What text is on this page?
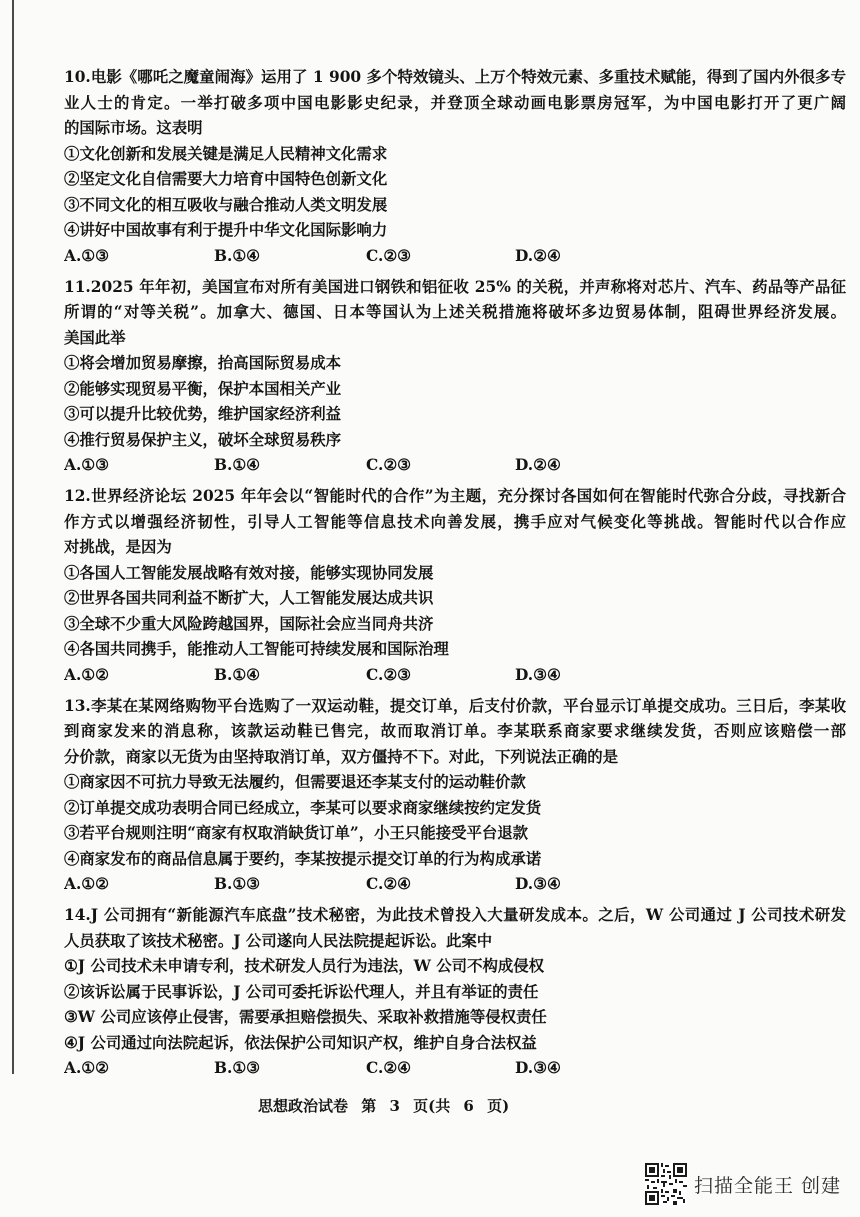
10.电影《哪吒之魔童闹海》运用了 1 900 多个特效镜头、上万个特效元素、多重技术赋能，得到了国内外很多专
业人士的肯定。一举打破多项中国电影影史纪录，并登顶全球动画电影票房冠军，为中国电影打开了更广阔
的国际市场。这表明
①文化创新和发展关键是满足人民精神文化需求
②坚定文化自信需要大力培育中国特色创新文化
③不同文化的相互吸收与融合推动人类文明发展
④讲好中国故事有利于提升中华文化国际影响力
A.①③	B.①④	C.②③	D.②④
11.2025 年年初，美国宣布对所有美国进口钢铁和铝征收 25% 的关税，并声称将对芯片、汽车、药品等产品征
所谓的“对等关税”。加拿大、德国、日本等国认为上述关税措施将破坏多边贸易体制，阻碍世界经济发展。
美国此举
①将会增加贸易摩擦，抬高国际贸易成本
②能够实现贸易平衡，保护本国相关产业
③可以提升比较优势，维护国家经济利益
④推行贸易保护主义，破坏全球贸易秩序
A.①③	B.①④	C.②③	D.②④
12.世界经济论坛 2025 年年会以“智能时代的合作”为主题，充分探讨各国如何在智能时代弥合分歧，寻找新合
作方式以增强经济韧性，引导人工智能等信息技术向善发展，携手应对气候变化等挑战。智能时代以合作应
对挑战，是因为
①各国人工智能发展战略有效对接，能够实现协同发展
②世界各国共同利益不断扩大，人工智能发展达成共识
③全球不少重大风险跨越国界，国际社会应当同舟共济
④各国共同携手，能推动人工智能可持续发展和国际治理
A.①②	B.①④	C.②③	D.③④
13.李某在某网络购物平台选购了一双运动鞋，提交订单，后支付价款，平台显示订单提交成功。三日后，李某收
到商家发来的消息称，该款运动鞋已售完，故而取消订单。李某联系商家要求继续发货，否则应该赔偿一部
分价款，商家以无货为由坚持取消订单，双方僵持不下。对此，下列说法正确的是
①商家因不可抗力导致无法履约，但需要退还李某支付的运动鞋价款
②订单提交成功表明合同已经成立，李某可以要求商家继续按约定发货
③若平台规则注明“商家有权取消缺货订单”，小王只能接受平台退款
④商家发布的商品信息属于要约，李某按提示提交订单的行为构成承诺
A.①②	B.①③	C.②④	D.③④
14.J 公司拥有“新能源汽车底盘”技术秘密，为此技术曾投入大量研发成本。之后，W 公司通过 J 公司技术研发
人员获取了该技术秘密。J 公司遂向人民法院提起诉讼。此案中
①J 公司技术未申请专利，技术研发人员行为违法，W 公司不构成侵权
②该诉讼属于民事诉讼，J 公司可委托诉讼代理人，并且有举证的责任
③W 公司应该停止侵害，需要承担赔偿损失、采取补救措施等侵权责任
④J 公司通过向法院起诉，依法保护公司知识产权，维护自身合法权益
A.①②	B.①③	C.②④	D.③④
思想政治试卷 第 3 页(共 6 页)
扫描全能王 创建
